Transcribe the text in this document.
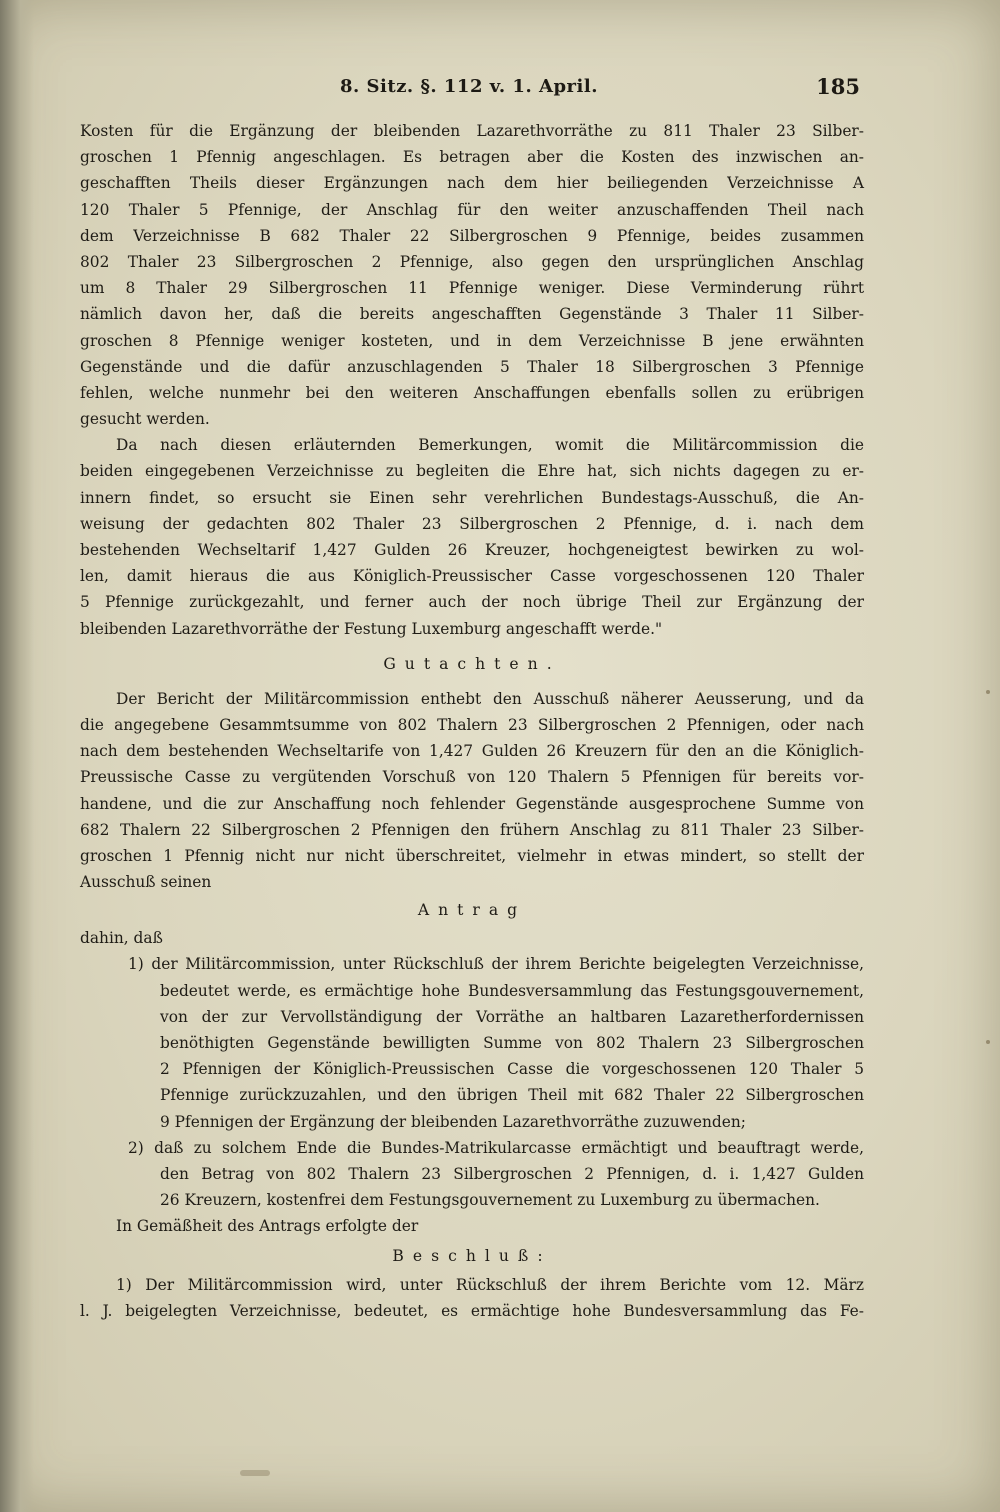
8. Sitz. §. 112 v. 1. April.	185
Kosten für die Ergänzung der bleibenden Lazarethvorräthe zu 811 Thaler 23 Silber-
groschen 1 Pfennig angeschlagen. Es betragen aber die Kosten des inzwischen an-
geschafften Theils dieser Ergänzungen nach dem hier beiliegenden Verzeichnisse A
120 Thaler 5 Pfennige, der Anschlag für den weiter anzuschaffenden Theil nach
dem Verzeichnisse B 682 Thaler 22 Silbergroschen 9 Pfennige, beides zusammen
802 Thaler 23 Silbergroschen 2 Pfennige, also gegen den ursprünglichen Anschlag
um 8 Thaler 29 Silbergroschen 11 Pfennige weniger. Diese Verminderung rührt
nämlich davon her, daß die bereits angeschafften Gegenstände 3 Thaler 11 Silber-
groschen 8 Pfennige weniger kosteten, und in dem Verzeichnisse B jene erwähnten
Gegenstände und die dafür anzuschlagenden 5 Thaler 18 Silbergroschen 3 Pfennige
fehlen, welche nunmehr bei den weiteren Anschaffungen ebenfalls sollen zu erübrigen
gesucht werden.
Da nach diesen erläuternden Bemerkungen, womit die Militärcommission die
beiden eingegebenen Verzeichnisse zu begleiten die Ehre hat, sich nichts dagegen zu er-
innern findet, so ersucht sie Einen sehr verehrlichen Bundestags-Ausschuß, die An-
weisung der gedachten 802 Thaler 23 Silbergroschen 2 Pfennige, d. i. nach dem
bestehenden Wechseltarif 1,427 Gulden 26 Kreuzer, hochgeneigtest bewirken zu wol-
len, damit hieraus die aus Königlich-Preussischer Casse vorgeschossenen 120 Thaler
5 Pfennige zurückgezahlt, und ferner auch der noch übrige Theil zur Ergänzung der
bleibenden Lazarethvorräthe der Festung Luxemburg angeschafft werde."
Gutachten.
Der Bericht der Militärcommission enthebt den Ausschuß näherer Aeusserung, und da
die angegebene Gesammtsumme von 802 Thalern 23 Silbergroschen 2 Pfennigen, oder nach
nach dem bestehenden Wechseltarife von 1,427 Gulden 26 Kreuzern für den an die Königlich-
Preussische Casse zu vergütenden Vorschuß von 120 Thalern 5 Pfennigen für bereits vor-
handene, und die zur Anschaffung noch fehlender Gegenstände ausgesprochene Summe von
682 Thalern 22 Silbergroschen 2 Pfennigen den frühern Anschlag zu 811 Thaler 23 Silber-
groschen 1 Pfennig nicht nur nicht überschreitet, vielmehr in etwas mindert, so stellt der
Ausschuß seinen
Antrag
dahin, daß
1) der Militärcommission, unter Rückschluß der ihrem Berichte beigelegten Verzeichnisse,
bedeutet werde, es ermächtige hohe Bundesversammlung das Festungsgouvernement,
von der zur Vervollständigung der Vorräthe an haltbaren Lazaretherfordernissen
benöthigten Gegenstände bewilligten Summe von 802 Thalern 23 Silbergroschen
2 Pfennigen der Königlich-Preussischen Casse die vorgeschossenen 120 Thaler 5
Pfennige zurückzuzahlen, und den übrigen Theil mit 682 Thaler 22 Silbergroschen
9 Pfennigen der Ergänzung der bleibenden Lazarethvorräthe zuzuwenden;
2) daß zu solchem Ende die Bundes-Matrikularcasse ermächtigt und beauftragt werde,
den Betrag von 802 Thalern 23 Silbergroschen 2 Pfennigen, d. i. 1,427 Gulden
26 Kreuzern, kostenfrei dem Festungsgouvernement zu Luxemburg zu übermachen.
In Gemäßheit des Antrags erfolgte der
Beschluß:
1) Der Militärcommission wird, unter Rückschluß der ihrem Berichte vom 12. März
l. J. beigelegten Verzeichnisse, bedeutet, es ermächtige hohe Bundesversammlung das Fe-
